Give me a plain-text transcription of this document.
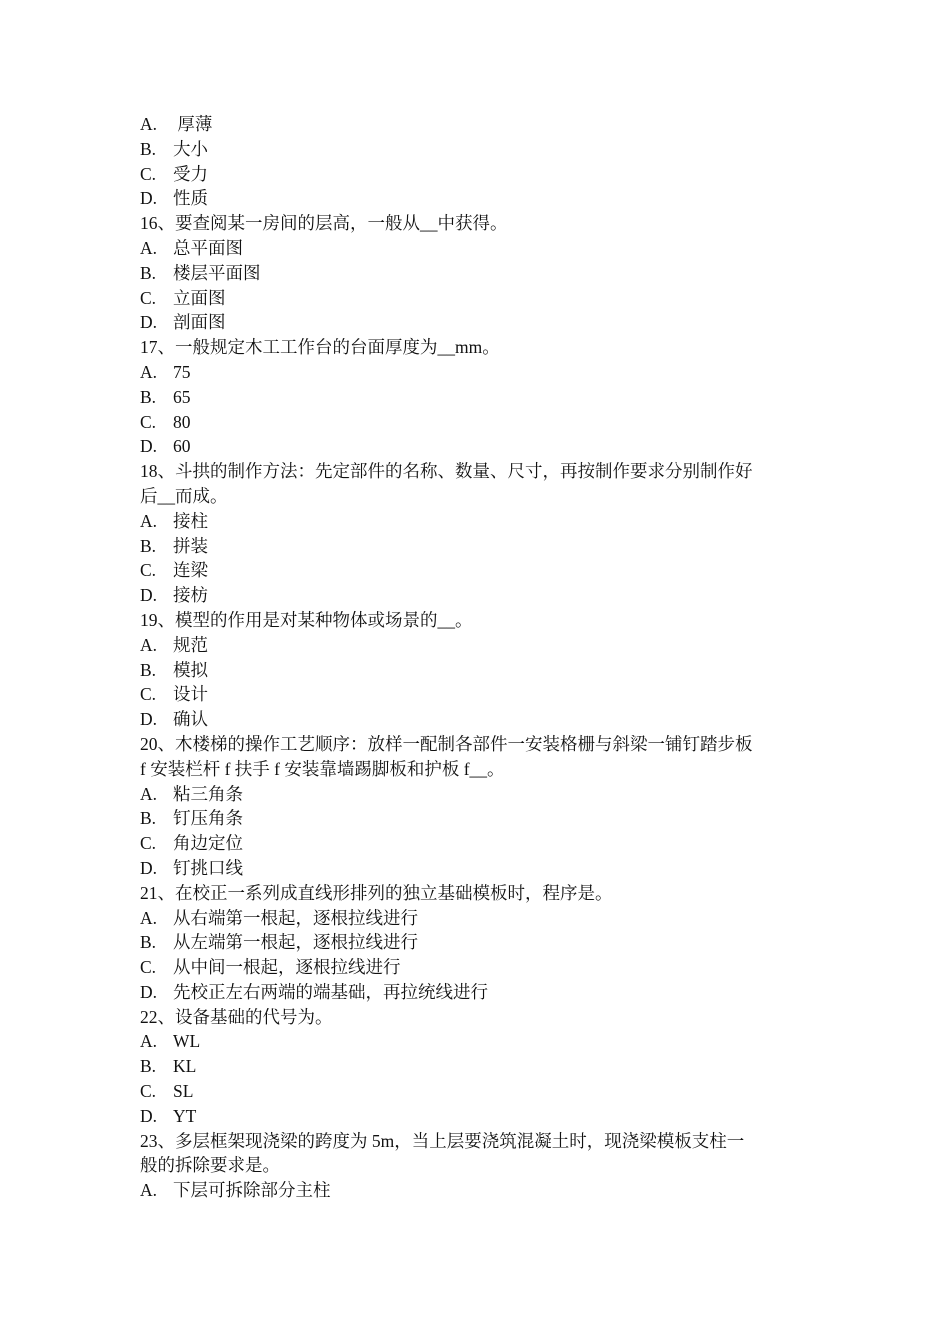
A. 厚薄

B. 大小

C. 受力

D. 性质

16、要查阅某一房间的层高，一般从__中获得。

A. 总平面图

B. 楼层平面图

C. 立面图

D. 剖面图

17、一般规定木工工作台的台面厚度为__mm。

A. 75

B. 65

C. 80

D. 60

18、斗拱的制作方法：先定部件的名称、数量、尺寸，再按制作要求分别制作好

后__而成。

A. 接柱

B. 拼装

C. 连梁

D. 接枋

19、模型的作用是对某种物体或场景的__。

A. 规范

B. 模拟

C. 设计

D. 确认

20、木楼梯的操作工艺顺序：放样一配制各部件一安装格栅与斜梁一铺钉踏步板

f 安装栏杆 f 扶手 f 安装靠墙踢脚板和护板 f__。

A. 粘三角条

B. 钉压角条

C. 角边定位

D. 钉挑口线

21、在校正一系列成直线形排列的独立基础模板时，程序是。

A. 从右端第一根起，逐根拉线进行

B. 从左端第一根起，逐根拉线进行

C. 从中间一根起，逐根拉线进行

D. 先校正左右两端的端基础，再拉统线进行

22、设备基础的代号为。

A. WL

B. KL

C. SL

D. YT

23、多层框架现浇梁的跨度为 5m，当上层要浇筑混凝土时，现浇梁模板支柱一

般的拆除要求是。

A. 下层可拆除部分主柱
